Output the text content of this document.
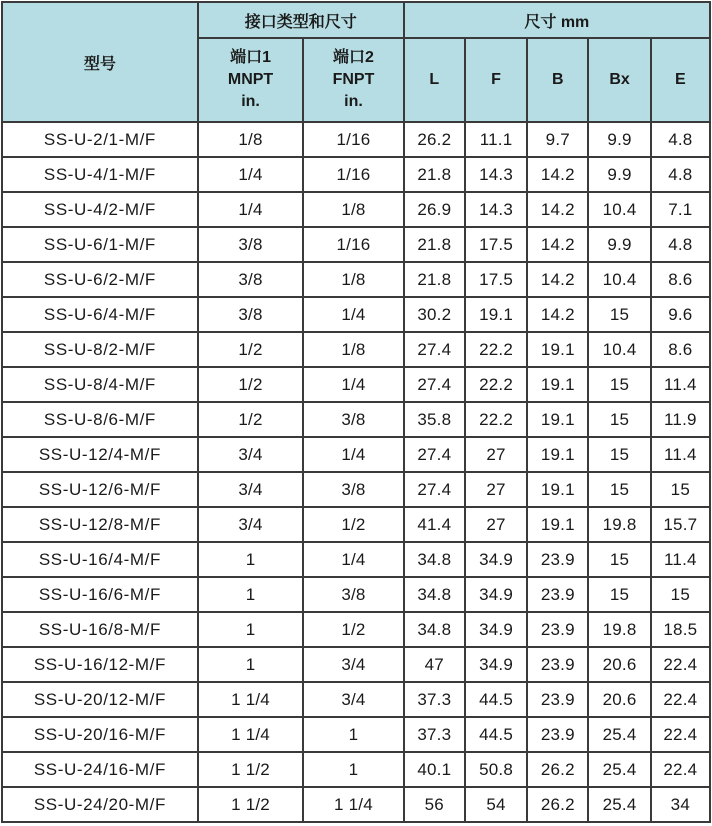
型号	接口类型和尺寸		尺寸 mm				

	端口1
MNPT
in.	端口2
FNPT
in.	L	F	B	Bx	E
SS-U-2/1-M/F	1/8	1/16	26.2	11.1	9.7	9.9	4.8
SS-U-4/1-M/F	1/4	1/16	21.8	14.3	14.2	9.9	4.8
SS-U-4/2-M/F	1/4	1/8	26.9	14.3	14.2	10.4	7.1
SS-U-6/1-M/F	3/8	1/16	21.8	17.5	14.2	9.9	4.8
SS-U-6/2-M/F	3/8	1/8	21.8	17.5	14.2	10.4	8.6
SS-U-6/4-M/F	3/8	1/4	30.2	19.1	14.2	15	9.6
SS-U-8/2-M/F	1/2	1/8	27.4	22.2	19.1	10.4	8.6
SS-U-8/4-M/F	1/2	1/4	27.4	22.2	19.1	15	11.4
SS-U-8/6-M/F	1/2	3/8	35.8	22.2	19.1	15	11.9
SS-U-12/4-M/F	3/4	1/4	27.4	27	19.1	15	11.4
SS-U-12/6-M/F	3/4	3/8	27.4	27	19.1	15	15
SS-U-12/8-M/F	3/4	1/2	41.4	27	19.1	19.8	15.7
SS-U-16/4-M/F	1	1/4	34.8	34.9	23.9	15	11.4
SS-U-16/6-M/F	1	3/8	34.8	34.9	23.9	15	15
SS-U-16/8-M/F	1	1/2	34.8	34.9	23.9	19.8	18.5
SS-U-16/12-M/F	1	3/4	47	34.9	23.9	20.6	22.4
SS-U-20/12-M/F	1 1/4	3/4	37.3	44.5	23.9	20.6	22.4
SS-U-20/16-M/F	1 1/4	1	37.3	44.5	23.9	25.4	22.4
SS-U-24/16-M/F	1 1/2	1	40.1	50.8	26.2	25.4	22.4
SS-U-24/20-M/F	1 1/2	1 1/4	56	54	26.2	25.4	34
